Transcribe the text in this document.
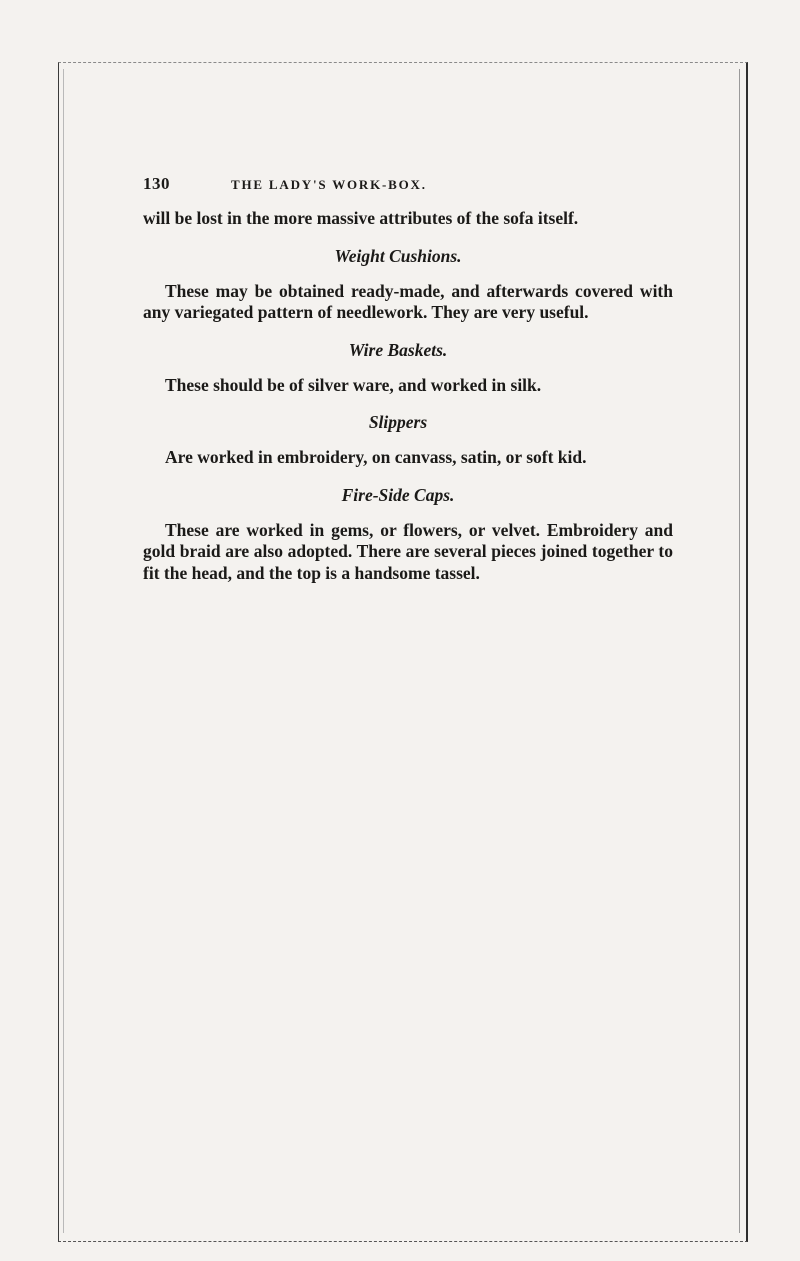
130	THE LADY'S WORK-BOX.

will be lost in the more massive attributes of the sofa itself.

Weight Cushions.

These may be obtained ready-made, and afterwards covered with any variegated pattern of needlework. They are very useful.

Wire Baskets.

These should be of silver ware, and worked in silk.

Slippers

Are worked in embroidery, on canvass, satin, or soft kid.

Fire-Side Caps.

These are worked in gems, or flowers, or velvet. Embroidery and gold braid are also adopted. There are several pieces joined together to fit the head, and the top is a handsome tassel.
